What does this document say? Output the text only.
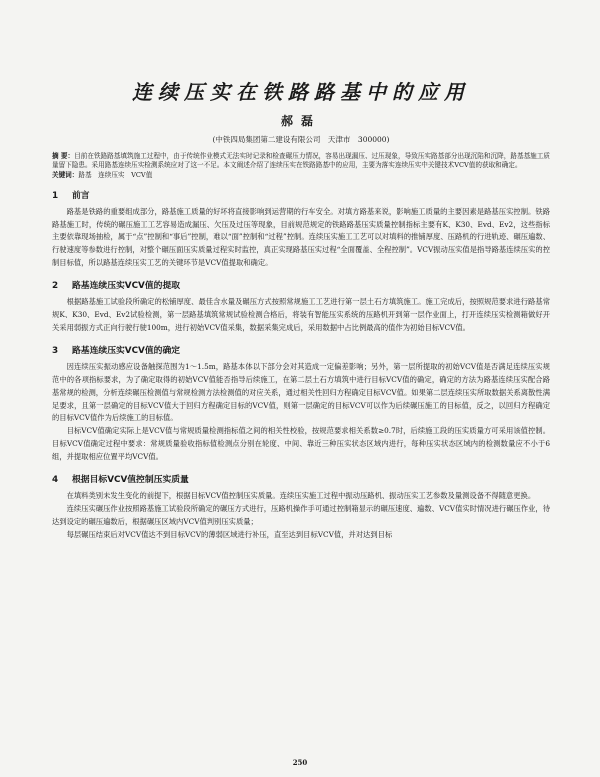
连续压实在铁路路基中的应用
郝磊
(中铁四局集团第二建设有限公司　天津市　300000)
摘 要：目前在铁路路基填筑施工过程中，由于传统作业模式无法实时记录和检查碾压力情况，容易出现漏压、过压现象，导致压实路基部分出现沉陷和沉降，路基基施工质量留下隐患。采用路基连续压实检测系统应对了这一不足。本文阐述介绍了连续压实在铁路路基中的应用，主要为落实连续压实中关键技术VCV值的获取和确定。
关键词：路基　连续压实　VCV值
1 前言

路基是铁路的重要组成部分，路基施工质量的好坏将直接影响到运营期的行车安全。对填方路基来说，影响施工质量的主要因素是路基压实控制。铁路路基施工时，传统的碾压施工工艺容易造成漏压、欠压及过压等现象，目前规范规定的铁路路基压实质量控制指标主要有K、K30、Evd、Ev2，这些指标主要依靠现场抽检，属于“点”控制和“事后”控制，难以“面”控制和“过程”控制。连续压实施工工艺可以对填料的推铺厚度、压路机的行进轨迹、碾压遍数、行驶速度等参数进行控制，对整个碾压面压实质量过程实时监控，真正实现路基压实过程“全面覆盖、全程控制”。VCV振动压实值是指导路基连续压实的控制目标值，所以路基连续压实工艺的关键环节是VCV值提取和确定。

2 路基连续压实VCV值的提取

根据路基施工试验段所确定的松铺厚度、最佳含水量及碾压方式按照常规施工工艺进行第一层土石方填筑施工。施工完成后，按照规范要求进行路基常规K、K30、Evd、Ev2试验检测，第一层路基填筑常规试验检测合格后，将装有智能压实系统的压路机开到第一层作业面上，打开连续压实检测箱做好开关采用弱振方式正向行驶行驶100m，进行初始VCV值采集，数据采集完成后，采用数据中占比例最高的值作为初始目标VCV值。

3 路基连续压实VCV值的确定

因连续压实振动感应设备触探范围为1～1.5m，路基本体以下部分会对其造成一定偏差影响；另外，第一层所提取的初始VCV值是否满足连续压实规范中的各项指标要求，为了确定取得的初始VCV值能否指导后续施工，在第二层土石方填筑中进行目标VCV值的确定，确定的方法为路基连续压实配合路基常规的检测，分析连续碾压检测值与常规检测方法检测值的对应关系，通过相关性回归方程确定目标VCV值。如果第二层连续压实所取数据关系离散性满足要求，且第一层确定的目标VCV值大于回归方程确定目标的VCV值，则第一层确定的目标VCV可以作为后续碾压施工的目标值，反之，以回归方程确定的目标VCV值作为后续施工的目标值。

目标VCV值确定实际上是VCV值与常规质量检测指标值之间的相关性校验，按规范要求相关系数≥0.7时，后续施工段的压实质量方可采用该值控制。目标VCV值确定过程中要求：常规质量验收指标值检测点分别在轮度、中间、靠近三种压实状态区域内进行，每种压实状态区域内的检测数量应不小于6组，并提取相应位置平均VCV值。

4 根据目标VCV值控制压实质量

在填料类别未发生变化的前提下，根据目标VCV值控制压实质量。连续压实施工过程中振动压路机、振动压实工艺参数及量测设备不得随意更换。

连续压实碾压作业按照路基施工试验段所确定的碾压方式进行，压路机操作手可通过控制箱显示的碾压速度、遍数、VCV值实时情况进行碾压作业，待达到设定的碾压遍数后，根据碾压区域内VCV值判别压实质量；

每层碾压结束后对VCV值达不到目标VCV的薄弱区域进行补压，直至达到目标VCV值，并对达到目标

250
